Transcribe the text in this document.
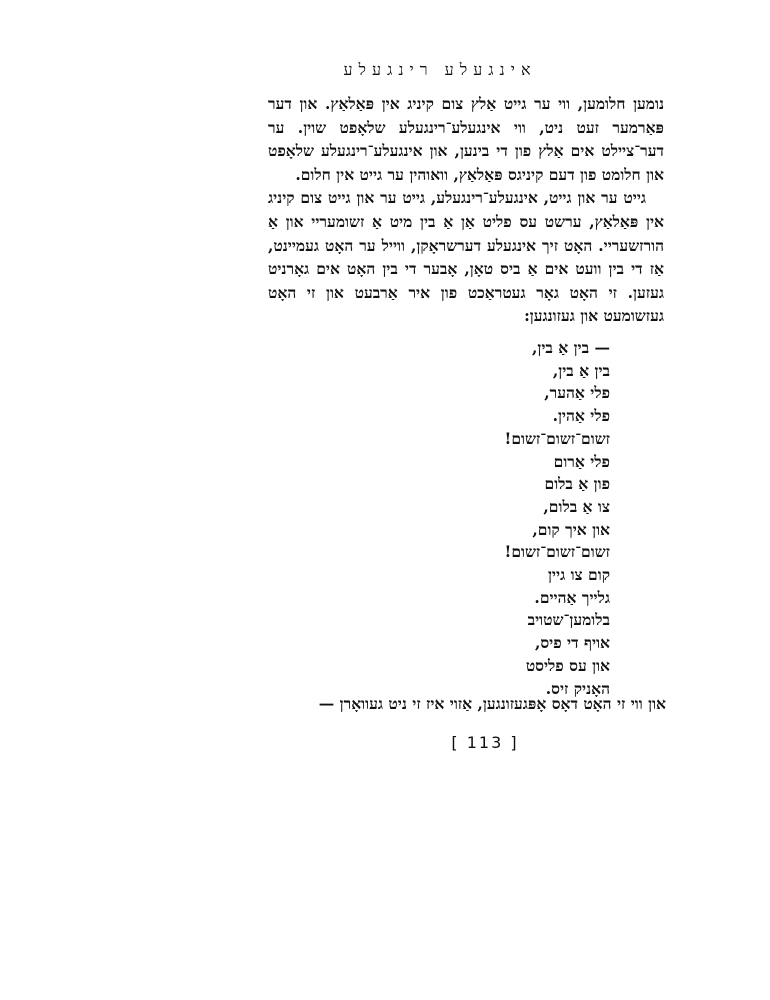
אינגעלע רינגעלע

נומען חלומען, ווי ער גייט אַלץ צום קיניג אין פּאַלאַץ. און דער פּאַרמער זעט ניט, ווי אינגעלע־רינגעלע שלאָפט שוין. ער דער־ציילט אים אַלץ פון די בינען, און אינגעלע־רינגעלע שלאָפט און חלומט פון דעם קיניגס פּאַלאַץ, וואוהין ער גייט אין חלום.

גייט ער און גייט, אינגעלע־רינגעלע, גייט ער און גייט צום קיניג אין פּאַלאַץ, ערשט עס פליט אַן אַ בין מיט אַ זשומעריי און אַ הורזשעריי. האָט זיך אינגעלע דערשראָקן, ווייל ער האָט געמיינט, אַז די בין וועט אים אַ ביס טאָן, אָבער די בין האָט אים גאָרניט געזען. זי האָט גאָר געטראַכט פון איר אַרבעט און זי האָט געזשומעט און געזונגען:

— בין אַ בין,
בין אַ בין,
פלי אַהער,
פלי אַהין.
זשום־זשום־זשום!
פלי אַרום
פון אַ בלום
צו אַ בלום,
און איך קום,
זשום־זשום־זשום!
קום צו גיין
גלייך אַהיים.
בלומען־שטויב
אויף די פיס,
און עס פליסט
האָניק זיס.
און ווי זי האָט דאָס אָפּגעזונגען, אַזוי איז זי ניט געוואָרן —
[ 113 ]
